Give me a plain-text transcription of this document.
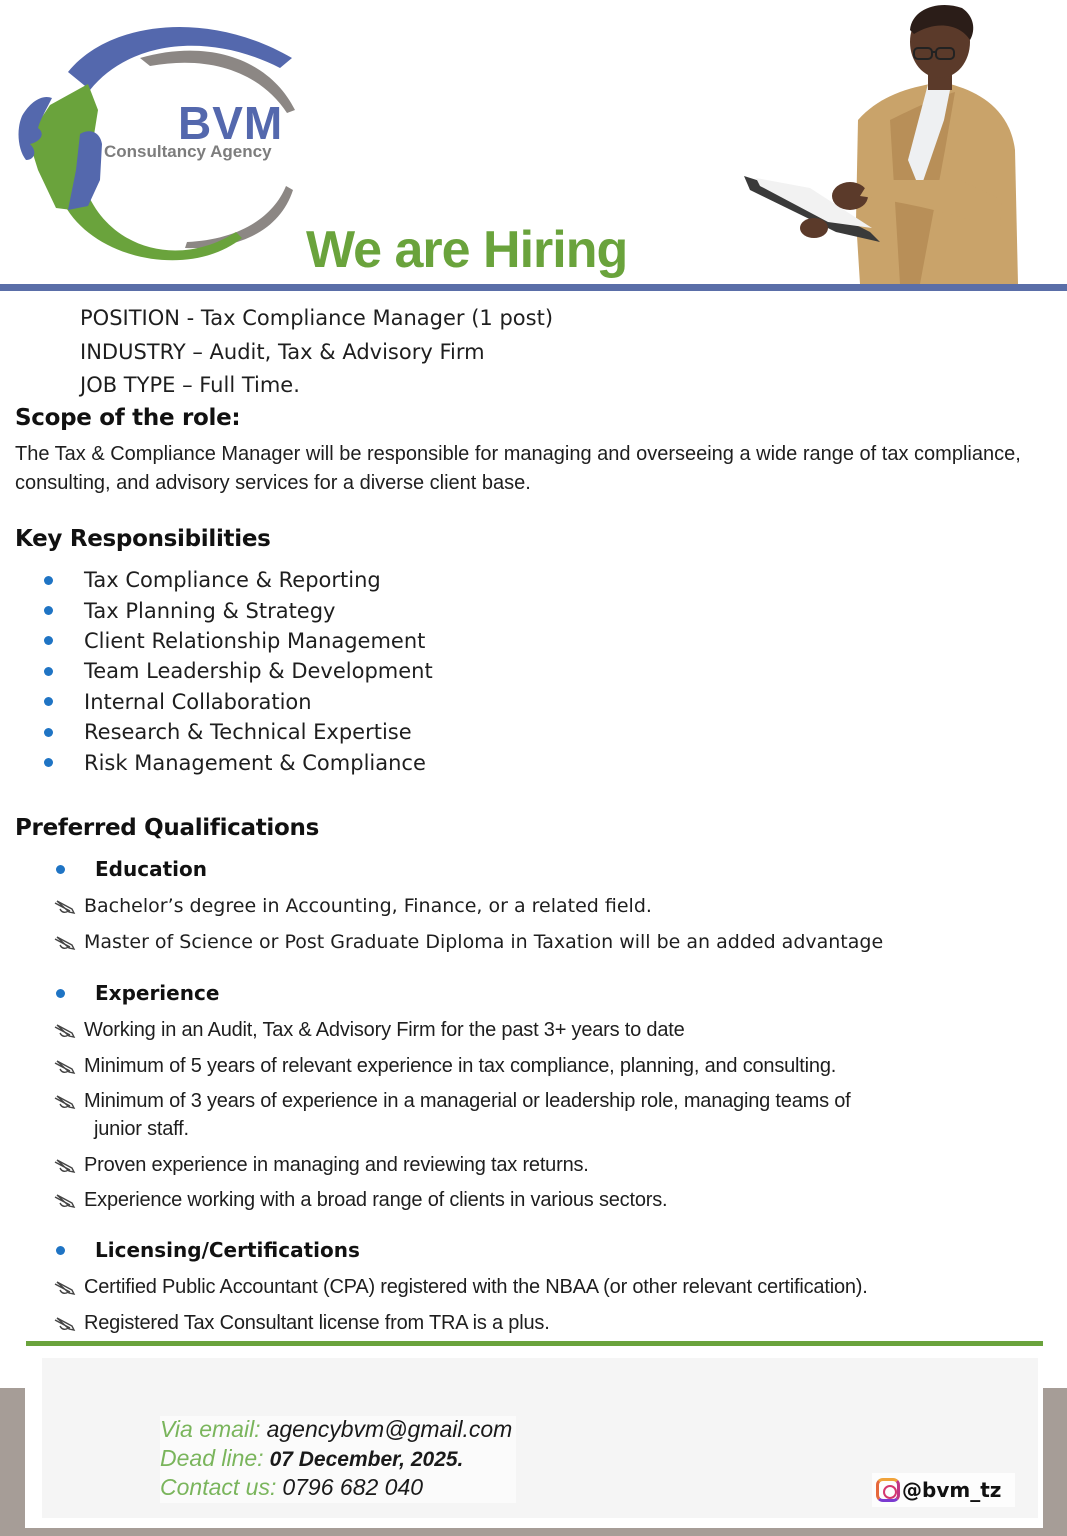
BVM
Consultancy Agency
We are Hiring
POSITION - Tax Compliance Manager (1 post)
INDUSTRY – Audit, Tax & Advisory Firm
JOB TYPE – Full Time.
Scope of the role:
The Tax & Compliance Manager will be responsible for managing and overseeing a wide range of tax compliance, consulting, and advisory services for a diverse client base.
Key Responsibilities
Tax Compliance & Reporting
Tax Planning & Strategy
Client Relationship Management
Team Leadership & Development
Internal Collaboration
Research & Technical Expertise
Risk Management & Compliance
Preferred Qualifications
Education
Bachelor’s degree in Accounting, Finance, or a related field.
Master of Science or Post Graduate Diploma in Taxation will be an added advantage
Experience
Working in an Audit, Tax & Advisory Firm for the past 3+ years to date
Minimum of 5 years of relevant experience in tax compliance, planning, and consulting.
Minimum of 3 years of experience in a managerial or leadership role, managing teams of
junior staff.
Proven experience in managing and reviewing tax returns.
Experience working with a broad range of clients in various sectors.
Licensing/Certifications
Certified Public Accountant (CPA) registered with the NBAA (or other relevant certification).
Registered Tax Consultant license from TRA is a plus.
Via email: agencybvm@gmail.com
Dead line: 07 December, 2025.
Contact us: 0796 682 040	@bvm_tz
